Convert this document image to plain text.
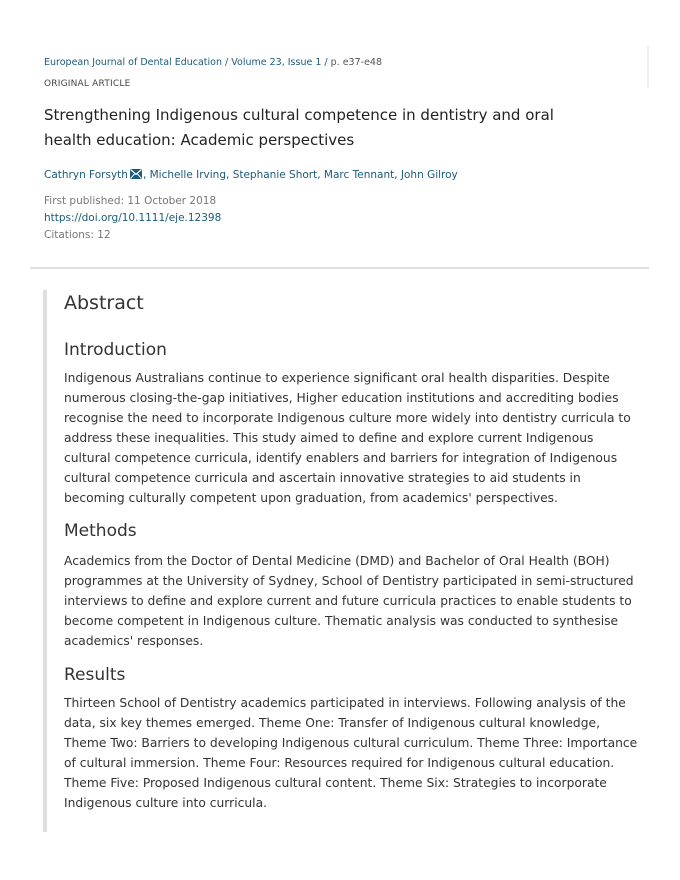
European Journal of Dental Education / Volume 23, Issue 1 / p. e37-e48
ORIGINAL ARTICLE
Strengthening Indigenous cultural competence in dentistry and oral health education: Academic perspectives
Cathryn Forsyth , Michelle Irving, Stephanie Short, Marc Tennant, John Gilroy
First published: 11 October 2018
https://doi.org/10.1111/eje.12398
Citations: 12
Abstract
Introduction

Indigenous Australians continue to experience significant oral health disparities. Despite numerous closing-the-gap initiatives, Higher education institutions and accrediting bodies recognise the need to incorporate Indigenous culture more widely into dentistry curricula to address these inequalities. This study aimed to define and explore current Indigenous cultural competence curricula, identify enablers and barriers for integration of Indigenous cultural competence curricula and ascertain innovative strategies to aid students in becoming culturally competent upon graduation, from academics' perspectives.

Methods

Academics from the Doctor of Dental Medicine (DMD) and Bachelor of Oral Health (BOH) programmes at the University of Sydney, School of Dentistry participated in semi-structured interviews to define and explore current and future curricula practices to enable students to become competent in Indigenous culture. Thematic analysis was conducted to synthesise academics' responses.

Results

Thirteen School of Dentistry academics participated in interviews. Following analysis of the data, six key themes emerged. Theme One: Transfer of Indigenous cultural knowledge, Theme Two: Barriers to developing Indigenous cultural curriculum. Theme Three: Importance of cultural immersion. Theme Four: Resources required for Indigenous cultural education. Theme Five: Proposed Indigenous cultural content. Theme Six: Strategies to incorporate Indigenous culture into curricula.
